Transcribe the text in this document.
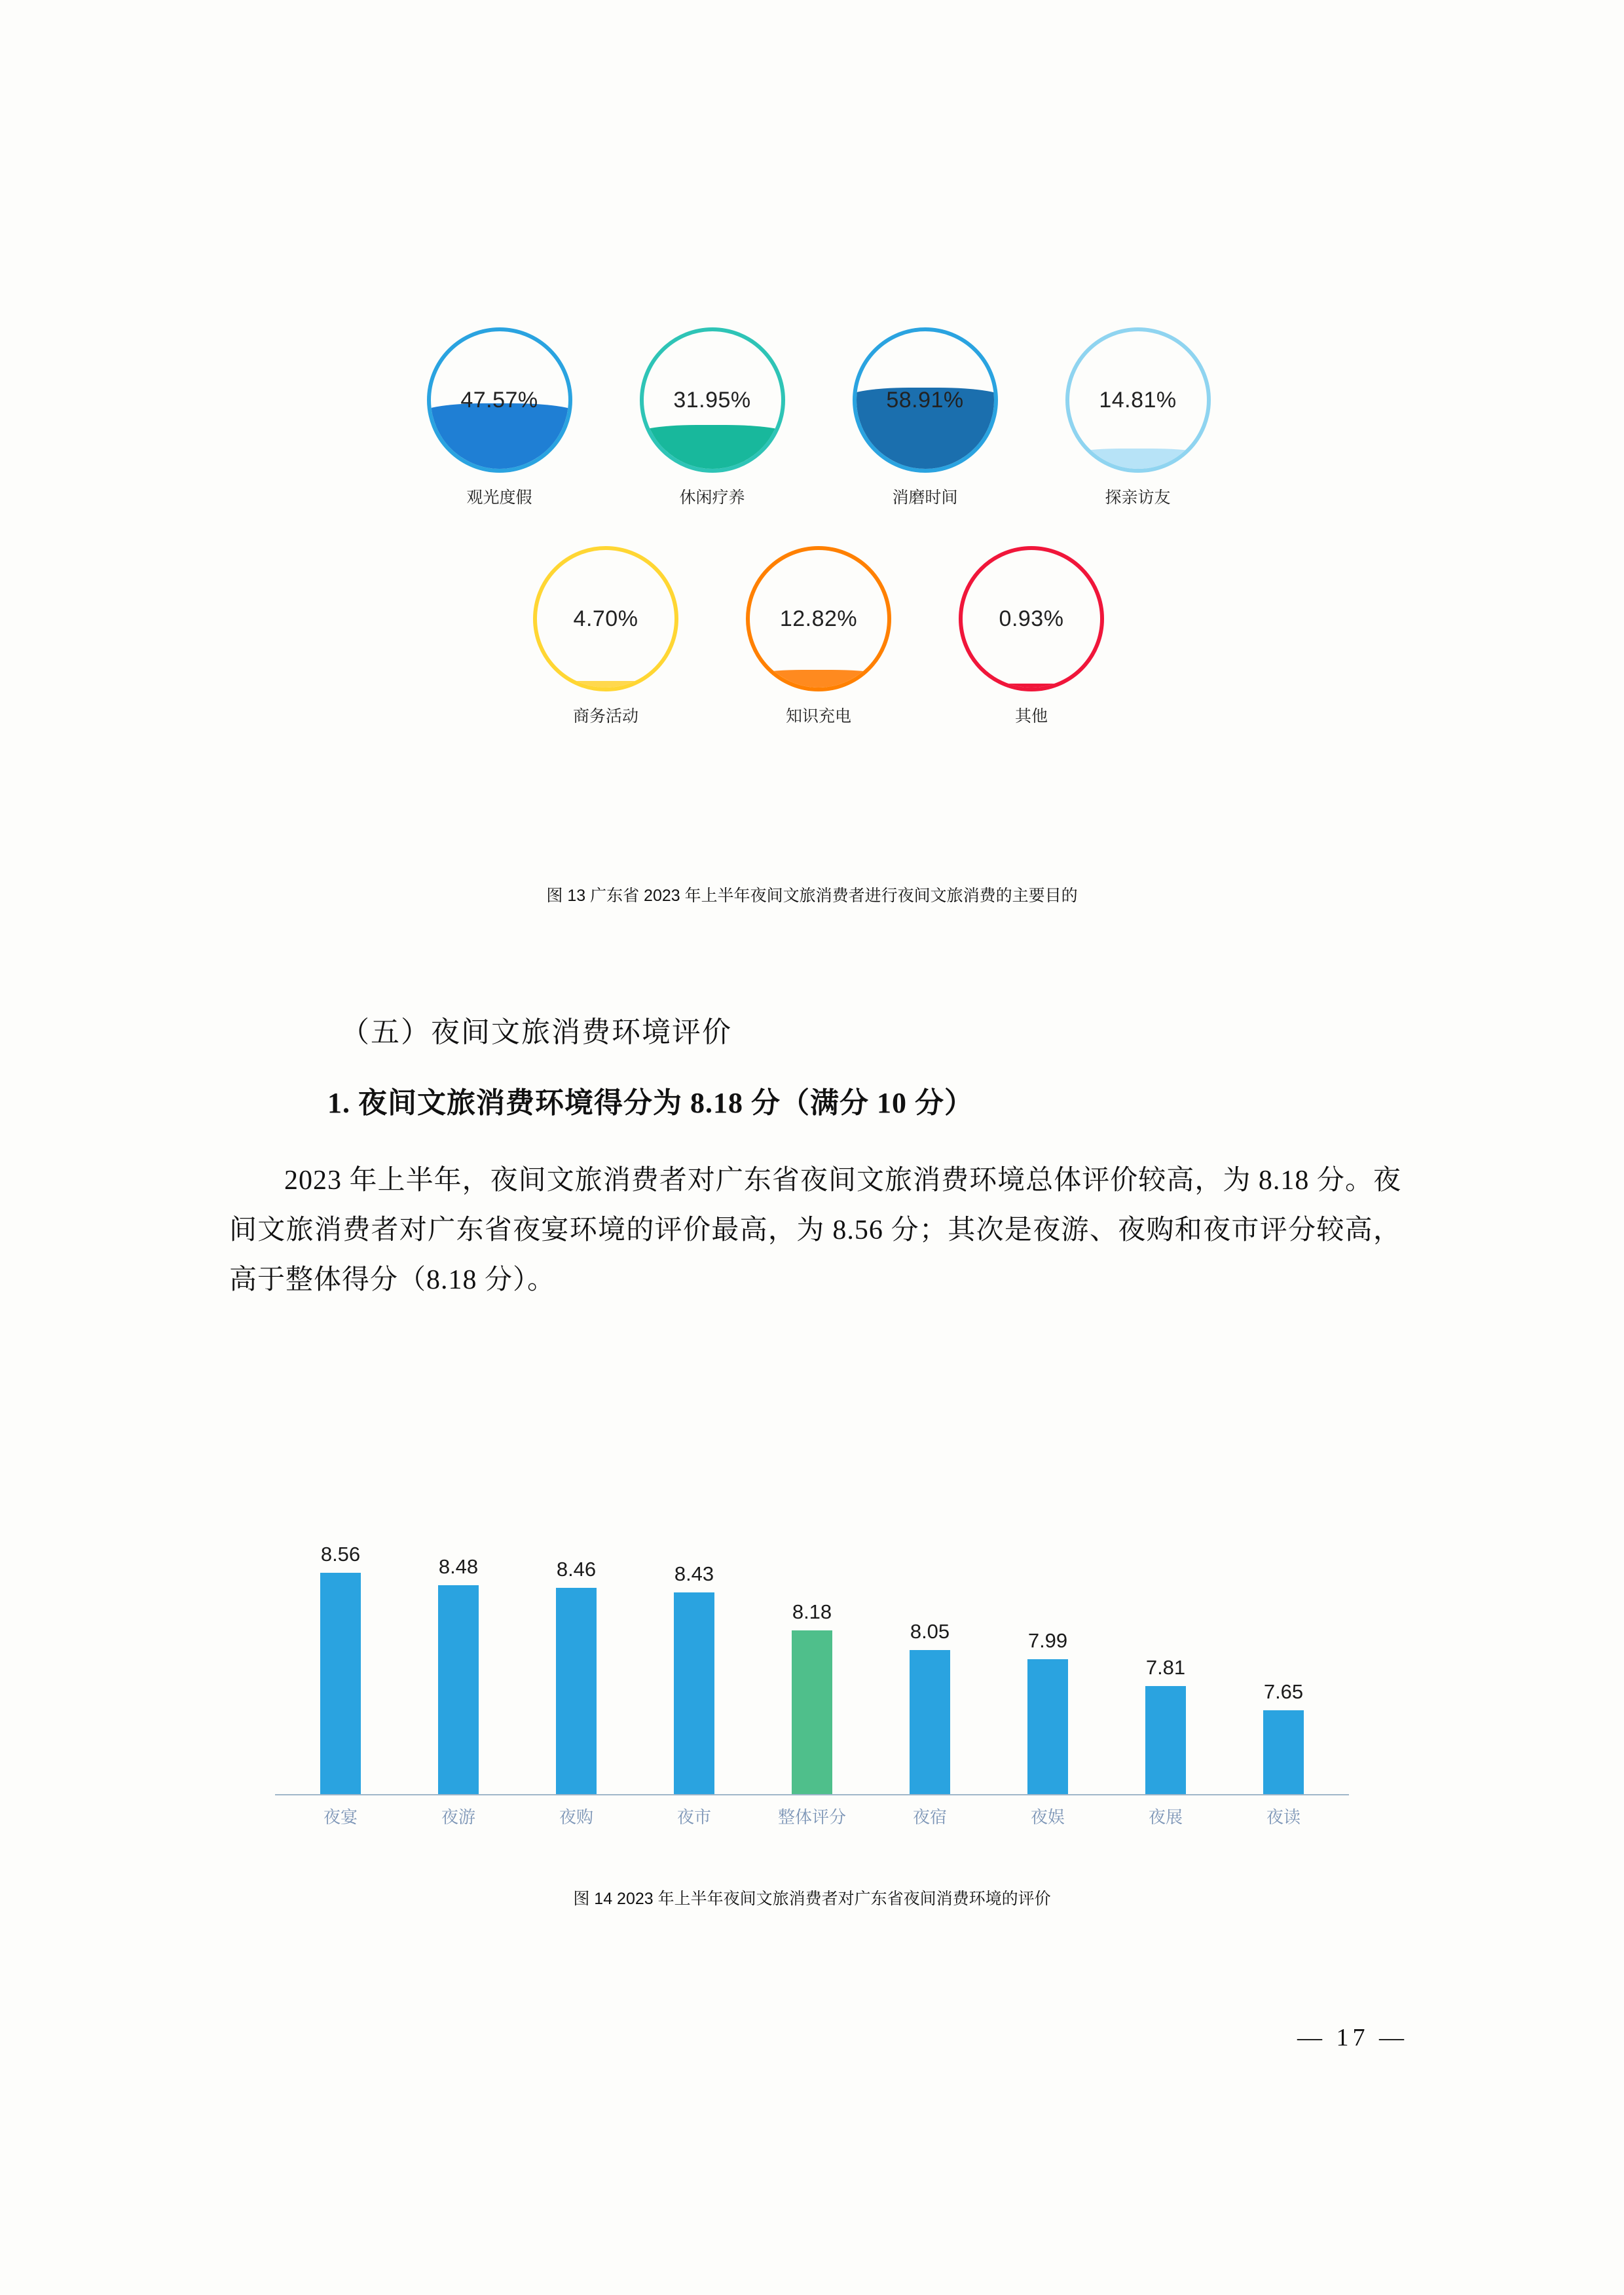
47.57%
观光度假
31.95%
休闲疗养
58.91%
消磨时间
14.81%
探亲访友
4.70%
商务活动
12.82%
知识充电
0.93%
其他
图 13 广东省 2023 年上半年夜间文旅消费者进行夜间文旅消费的主要目的
（五）夜间文旅消费环境评价
1. 夜间文旅消费环境得分为 8.18 分（满分 10 分）
2023 年上半年，夜间文旅消费者对广东省夜间文旅消费环境总体评价较高，为 8.18 分。夜间文旅消费者对广东省夜宴环境的评价最高，为 8.56 分；其次是夜游、夜购和夜市评分较高，高于整体得分（8.18 分）。
8.56
8.48	8.46	8.43
8.18
8.05	7.99
7.81
7.65
夜宴	夜游	夜购	夜市	整体评分	夜宿	夜娱	夜展	夜读
图 14 2023 年上半年夜间文旅消费者对广东省夜间消费环境的评价
— 17 —
